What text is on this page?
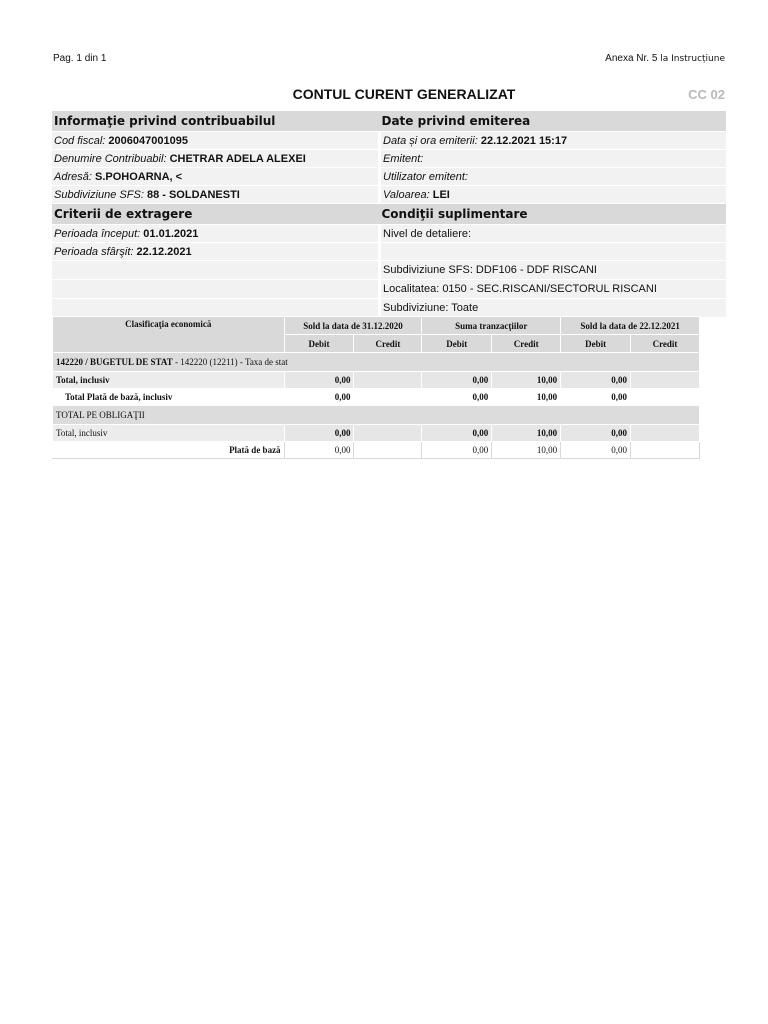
Pag. 1 din 1	Anexa Nr. 5 la Instrucțiune
CONTUL CURENT GENERALIZAT	CC 02
Informaţie privind contribuabilul	Date privind emiterea
Cod fiscal: 2006047001095	Data și ora emiterii: 22.12.2021 15:17
Denumire Contribuabil: CHETRAR ADELA ALEXEI	Emitent:
Adresă: S.POHOARNA, <	Utilizator emitent:
Subdiviziune SFS: 88 - SOLDANESTI	Valoarea: LEI
Criterii de extragere	Condiţii suplimentare
Perioada început: 01.01.2021	Nivel de detaliere:
Perioada sfârşit: 22.12.2021	
	Subdiviziune SFS: DDF106 - DDF RISCANI
	Localitatea: 0150 - SEC.RISCANI/SECTORUL RISCANI
	Subdiviziune: Toate
Clasificaţia economică	Sold la data de 31.12.2020		Suma tranzacţiilor		Sold la data de 22.12.2021	
	Debit	Credit	Debit	Credit	Debit	Credit
142220 / BUGETUL DE STAT - 142220 (12211) - Taxa de stat						
Total, inclusiv	0,00		0,00	10,00	0,00	
Total Plată de bază, inclusiv	0,00		0,00	10,00	0,00	
TOTAL PE OBLIGAŢII						
Total, inclusiv	0,00		0,00	10,00	0,00	
Plată de bază	0,00		0,00	10,00	0,00	
